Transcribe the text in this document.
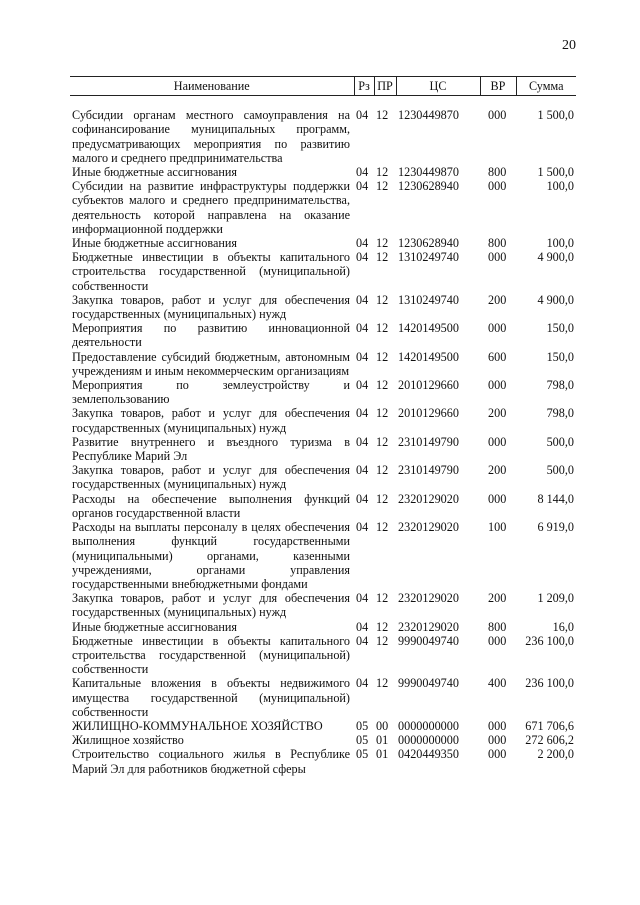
20
Наименование	Рз	ПР	ЦС	ВР	Сумма
Субсидии органам местного самоуправления на софинансирование муниципальных программ, предусматривающих мероприятия по развитию малого и среднего предпринимательства	04	12	1230449870	000	1 500,0
Иные бюджетные ассигнования	04	12	1230449870	800	1 500,0
Субсидии на развитие инфраструктуры поддержки субъектов малого и среднего предпринимательства, деятельность которой направлена на оказание информационной поддержки	04	12	1230628940	000	100,0
Иные бюджетные ассигнования	04	12	1230628940	800	100,0
Бюджетные инвестиции в объекты капитального строительства государственной (муниципальной) собственности	04	12	1310249740	000	4 900,0
Закупка товаров, работ и услуг для обеспечения государственных (муниципальных) нужд	04	12	1310249740	200	4 900,0
Мероприятия по развитию инновационной деятельности	04	12	1420149500	000	150,0
Предоставление субсидий бюджетным, автономным учреждениям и иным некоммерческим организациям	04	12	1420149500	600	150,0
Мероприятия по землеустройству и землепользованию	04	12	2010129660	000	798,0
Закупка товаров, работ и услуг для обеспечения государственных (муниципальных) нужд	04	12	2010129660	200	798,0
Развитие внутреннего и въездного туризма в Республике Марий Эл	04	12	2310149790	000	500,0
Закупка товаров, работ и услуг для обеспечения государственных (муниципальных) нужд	04	12	2310149790	200	500,0
Расходы на обеспечение выполнения функций органов государственной власти	04	12	2320129020	000	8 144,0
Расходы на выплаты персоналу в целях обеспечения выполнения функций государственными (муниципальными) органами, казенными учреждениями, органами управления государственными внебюджетными фондами	04	12	2320129020	100	6 919,0
Закупка товаров, работ и услуг для обеспечения государственных (муниципальных) нужд	04	12	2320129020	200	1 209,0
Иные бюджетные ассигнования	04	12	2320129020	800	16,0
Бюджетные инвестиции в объекты капитального строительства государственной (муниципальной) собственности	04	12	9990049740	000	236 100,0
Капитальные вложения в объекты недвижимого имущества государственной (муниципальной) собственности	04	12	9990049740	400	236 100,0
ЖИЛИЩНО-КОММУНАЛЬНОЕ ХОЗЯЙСТВО	05	00	0000000000	000	671 706,6
Жилищное хозяйство	05	01	0000000000	000	272 606,2
Строительство социального жилья в Республике Марий Эл для работников бюджетной сферы	05	01	0420449350	000	2 200,0
